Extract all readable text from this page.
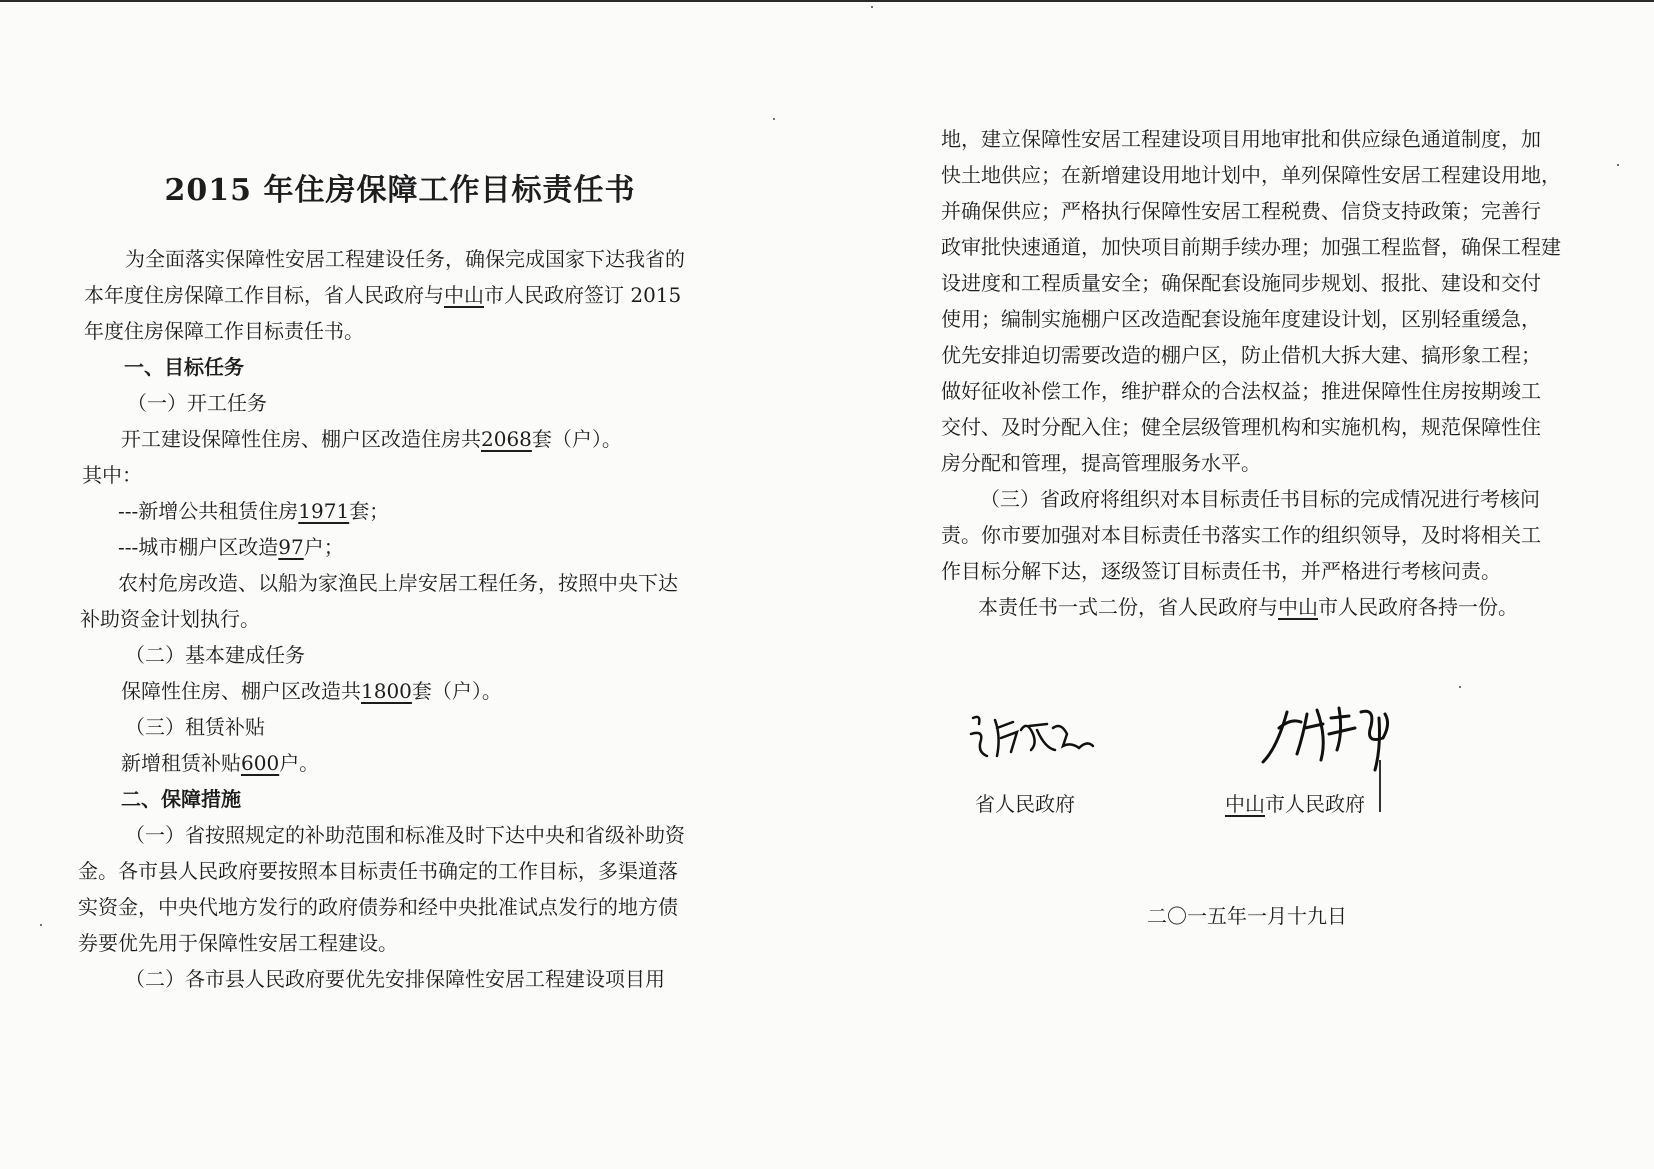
2015 年住房保障工作目标责任书
为全面落实保障性安居工程建设任务，确保完成国家下达我省的
本年度住房保障工作目标，省人民政府与中山市人民政府签订 2015
年度住房保障工作目标责任书。
一、目标任务
（一）开工任务
开工建设保障性住房、棚户区改造住房共2068套（户）。
其中：
---新增公共租赁住房1971套；
---城市棚户区改造97户；
农村危房改造、以船为家渔民上岸安居工程任务，按照中央下达
补助资金计划执行。
（二）基本建成任务
保障性住房、棚户区改造共1800套（户）。
（三）租赁补贴
新增租赁补贴600户。
二、保障措施
（一）省按照规定的补助范围和标准及时下达中央和省级补助资
金。各市县人民政府要按照本目标责任书确定的工作目标，多渠道落
实资金，中央代地方发行的政府债券和经中央批准试点发行的地方债
券要优先用于保障性安居工程建设。
（二）各市县人民政府要优先安排保障性安居工程建设项目用
地，建立保障性安居工程建设项目用地审批和供应绿色通道制度，加
快土地供应；在新增建设用地计划中，单列保障性安居工程建设用地，
并确保供应；严格执行保障性安居工程税费、信贷支持政策；完善行
政审批快速通道，加快项目前期手续办理；加强工程监督，确保工程建
设进度和工程质量安全；确保配套设施同步规划、报批、建设和交付
使用；编制实施棚户区改造配套设施年度建设计划，区别轻重缓急，
优先安排迫切需要改造的棚户区，防止借机大拆大建、搞形象工程；
做好征收补偿工作，维护群众的合法权益；推进保障性住房按期竣工
交付、及时分配入住；健全层级管理机构和实施机构，规范保障性住
房分配和管理，提高管理服务水平。
（三）省政府将组织对本目标责任书目标的完成情况进行考核问
责。你市要加强对本目标责任书落实工作的组织领导，及时将相关工
作目标分解下达，逐级签订目标责任书，并严格进行考核问责。
本责任书一式二份，省人民政府与中山市人民政府各持一份。
省人民政府	中山市人民政府
二〇一五年一月十九日
